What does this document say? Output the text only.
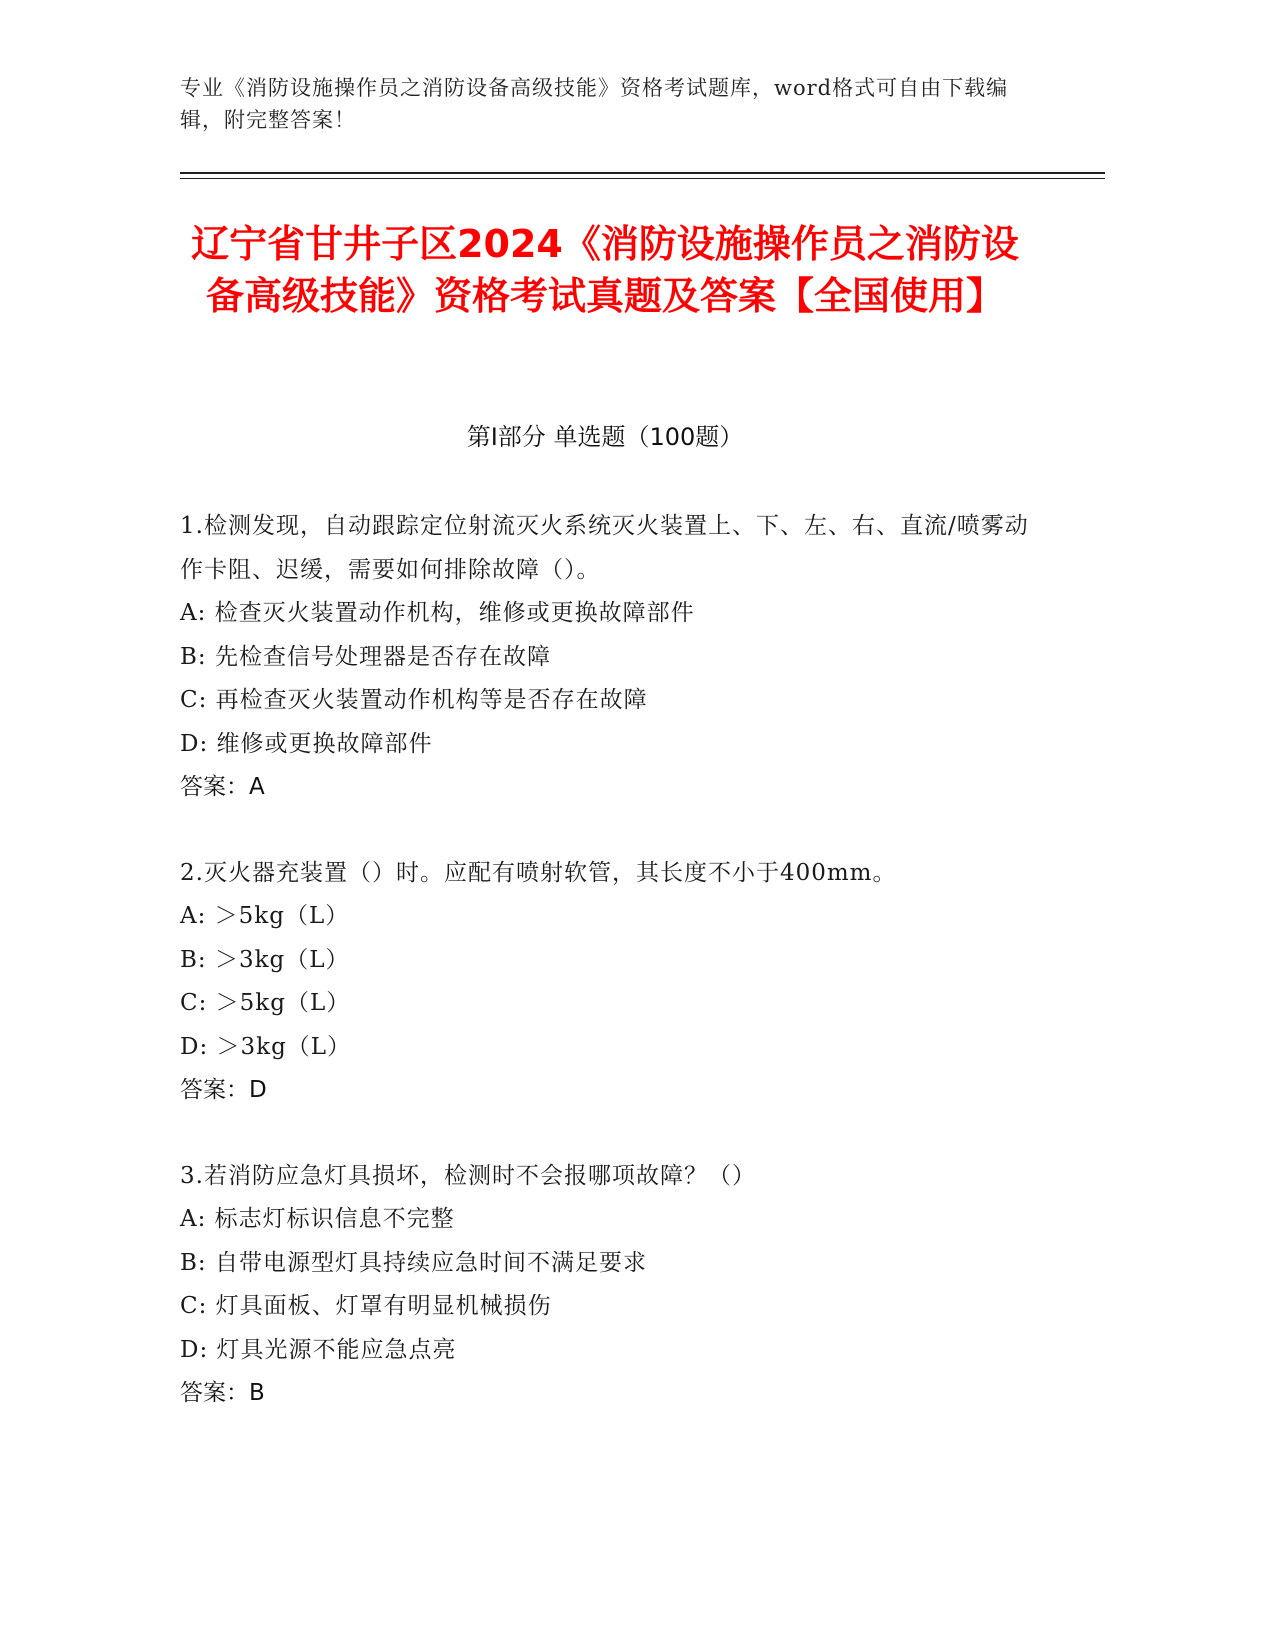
专业《消防设施操作员之消防设备高级技能》资格考试题库，word格式可自由下载编辑，附完整答案！
辽宁省甘井子区2024《消防设施操作员之消防设备高级技能》资格考试真题及答案【全国使用】
第I部分 单选题（100题）
1.检测发现，自动跟踪定位射流灭火系统灭火装置上、下、左、右、直流/喷雾动作卡阻、迟缓，需要如何排除故障（）。
A: 检查灭火装置动作机构，维修或更换故障部件
B: 先检查信号处理器是否存在故障
C: 再检查灭火装置动作机构等是否存在故障
D: 维修或更换故障部件
答案：A
2.灭火器充装置（）时。应配有喷射软管，其长度不小于400mm。
A: ＞5kg（L）
B: ＞3kg（L）
C: ＞5kg（L）
D: ＞3kg（L）
答案：D
3.若消防应急灯具损坏，检测时不会报哪项故障？（）
A: 标志灯标识信息不完整
B: 自带电源型灯具持续应急时间不满足要求
C: 灯具面板、灯罩有明显机械损伤
D: 灯具光源不能应急点亮
答案：B
